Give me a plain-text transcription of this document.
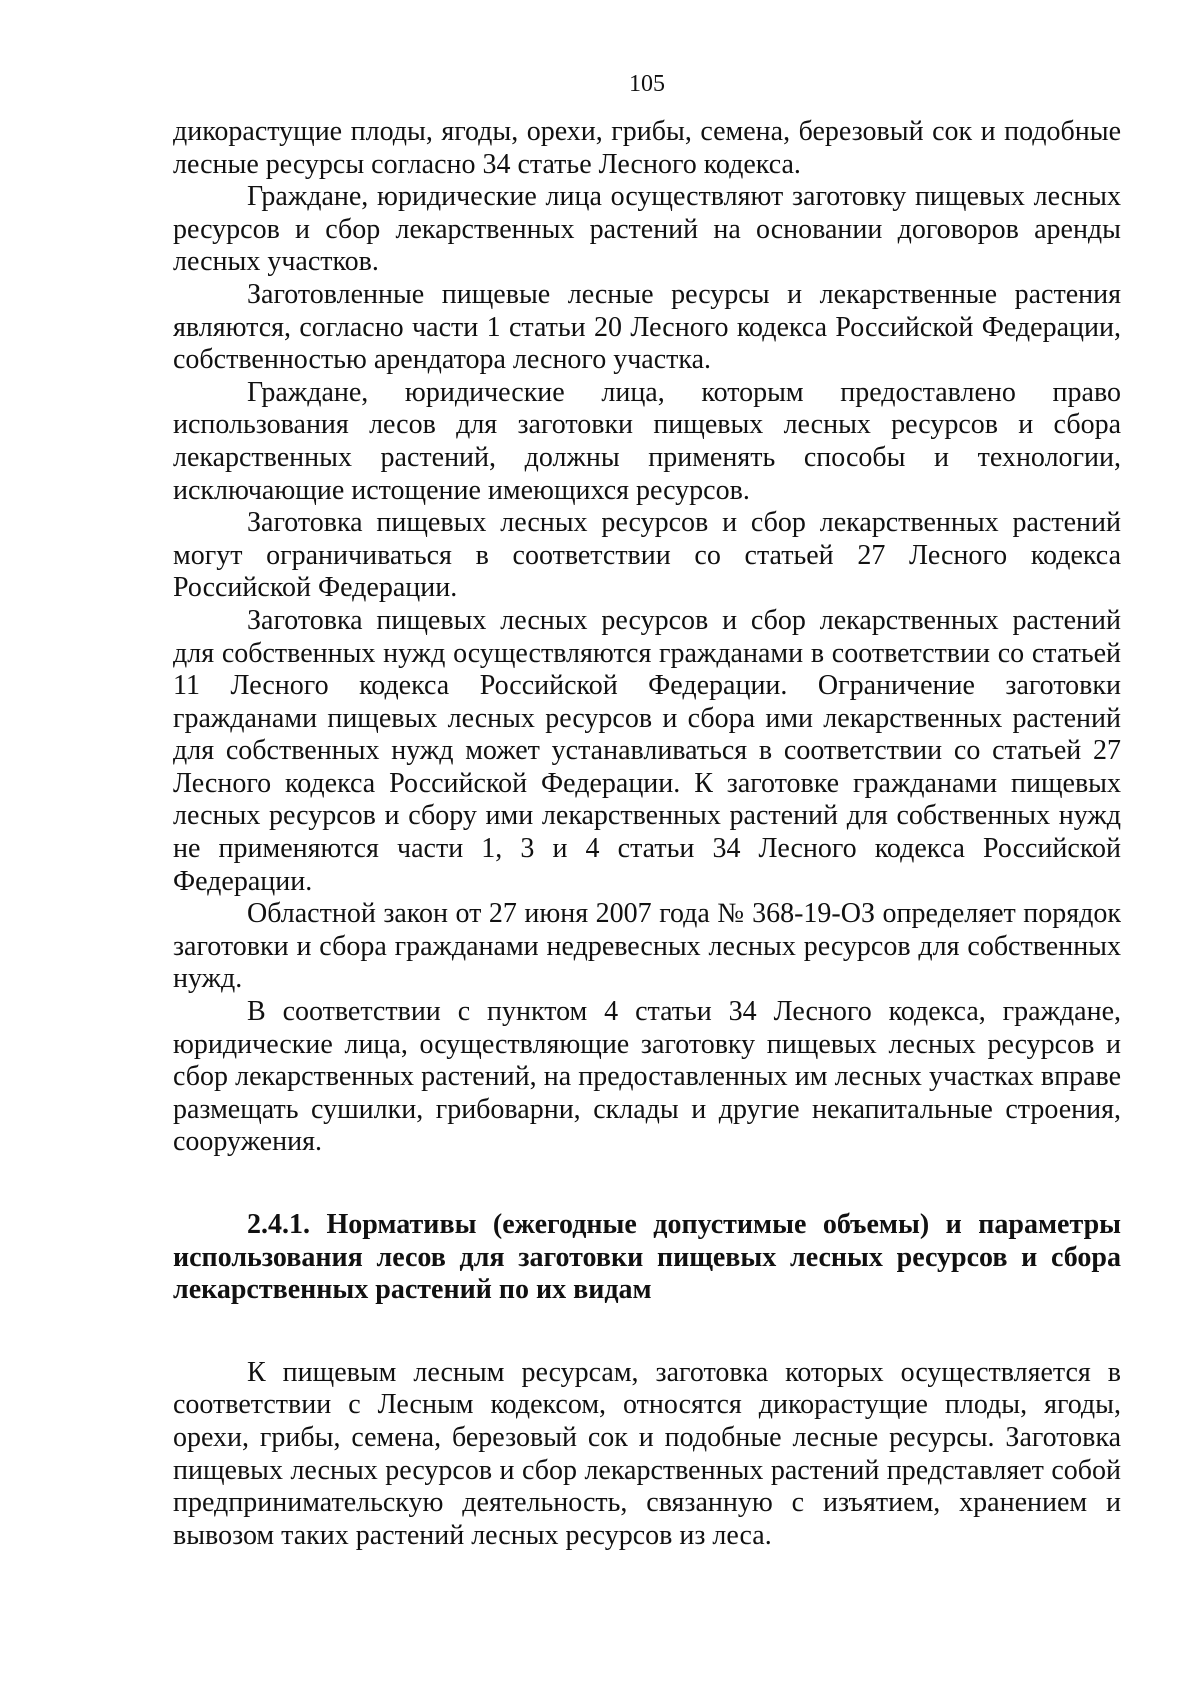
105

дикорастущие плоды, ягоды, орехи, грибы, семена, березовый сок и подобные лесные ресурсы согласно 34 статье Лесного кодекса.

Граждане, юридические лица осуществляют заготовку пищевых лесных ресурсов и сбор лекарственных растений на основании договоров аренды лесных участков.

Заготовленные пищевые лесные ресурсы и лекарственные растения являются, согласно части 1 статьи 20 Лесного кодекса Российской Федерации, собственностью арендатора лесного участка.

Граждане, юридические лица, которым предоставлено право использования лесов для заготовки пищевых лесных ресурсов и сбора лекарственных растений, должны применять способы и технологии, исключающие истощение имеющихся ресурсов.

Заготовка пищевых лесных ресурсов и сбор лекарственных растений могут ограничиваться в соответствии со статьей 27 Лесного кодекса Российской Федерации.

Заготовка пищевых лесных ресурсов и сбор лекарственных растений для собственных нужд осуществляются гражданами в соответствии со статьей 11 Лесного кодекса Российской Федерации. Ограничение заготовки гражданами пищевых лесных ресурсов и сбора ими лекарственных растений для собственных нужд может устанавливаться в соответствии со статьей 27 Лесного кодекса Российской Федерации. К заготовке гражданами пищевых лесных ресурсов и сбору ими лекарственных растений для собственных нужд не применяются части 1, 3 и 4 статьи 34 Лесного кодекса Российской Федерации.

Областной закон от 27 июня 2007 года № 368-19-ОЗ определяет порядок заготовки и сбора гражданами недревесных лесных ресурсов для собственных нужд.

В соответствии с пунктом 4 статьи 34 Лесного кодекса, граждане, юридические лица, осуществляющие заготовку пищевых лесных ресурсов и сбор лекарственных растений, на предоставленных им лесных участках вправе размещать сушилки, грибоварни, склады и другие некапитальные строения, сооружения.

2.4.1. Нормативы (ежегодные допустимые объемы) и параметры использования лесов для заготовки пищевых лесных ресурсов и сбора лекарственных растений по их видам

К пищевым лесным ресурсам, заготовка которых осуществляется в соответствии с Лесным кодексом, относятся дикорастущие плоды, ягоды, орехи, грибы, семена, березовый сок и подобные лесные ресурсы. Заготовка пищевых лесных ресурсов и сбор лекарственных растений представляет собой предпринимательскую деятельность, связанную с изъятием, хранением и вывозом таких растений лесных ресурсов из леса.
